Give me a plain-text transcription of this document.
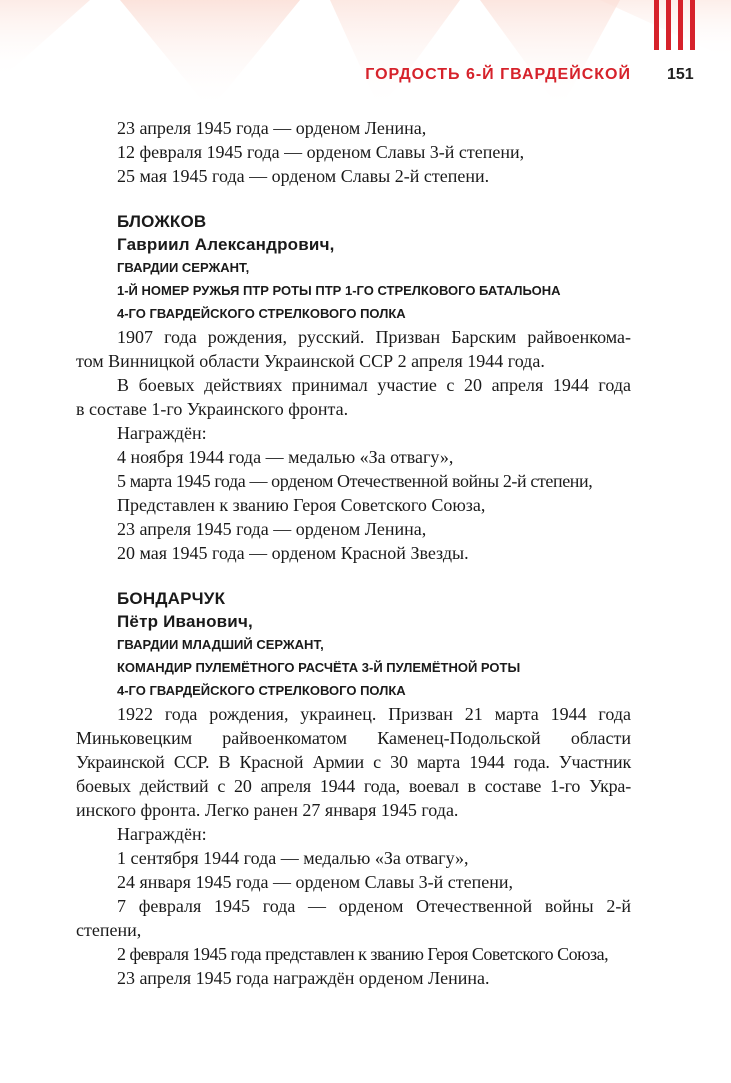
ГОРДОСТЬ 6-Й ГВАРДЕЙСКОЙ 151
23 апреля 1945 года — орденом Ленина,
12 февраля 1945 года — орденом Славы 3-й степени,
25 мая 1945 года — орденом Славы 2-й степени.
БЛОЖКОВ
Гавриил Александрович,
ГВАРДИИ СЕРЖАНТ,
1-Й НОМЕР РУЖЬЯ ПТР РОТЫ ПТР 1-ГО СТРЕЛКОВОГО БАТАЛЬОНА
4-ГО ГВАРДЕЙСКОГО СТРЕЛКОВОГО ПОЛКА
1907 года рождения, русский. Призван Барским райвоенкома-
том Винницкой области Украинской ССР 2 апреля 1944 года.
В боевых действиях принимал участие с 20 апреля 1944 года
в составе 1-го Украинского фронта.
Награждён:
4 ноября 1944 года — медалью «За отвагу»,
5 марта 1945 года — орденом Отечественной войны 2-й степени,
Представлен к званию Героя Советского Союза,
23 апреля 1945 года — орденом Ленина,
20 мая 1945 года — орденом Красной Звезды.
БОНДАРЧУК
Пётр Иванович,
ГВАРДИИ МЛАДШИЙ СЕРЖАНТ,
КОМАНДИР ПУЛЕМЁТНОГО РАСЧЁТА 3-Й ПУЛЕМЁТНОЙ РОТЫ
4-ГО ГВАРДЕЙСКОГО СТРЕЛКОВОГО ПОЛКА
1922 года рождения, украинец. Призван 21 марта 1944 года
Миньковецким райвоенкоматом Каменец-Подольской области
Украинской ССР. В Красной Армии с 30 марта 1944 года. Участник
боевых действий с 20 апреля 1944 года, воевал в составе 1-го Укра-
инского фронта. Легко ранен 27 января 1945 года.
Награждён:
1 сентября 1944 года — медалью «За отвагу»,
24 января 1945 года — орденом Славы 3-й степени,
7 февраля 1945 года — орденом Отечественной войны 2-й
степени,
2 февраля 1945 года представлен к званию Героя Советского Союза,
23 апреля 1945 года награждён орденом Ленина.
